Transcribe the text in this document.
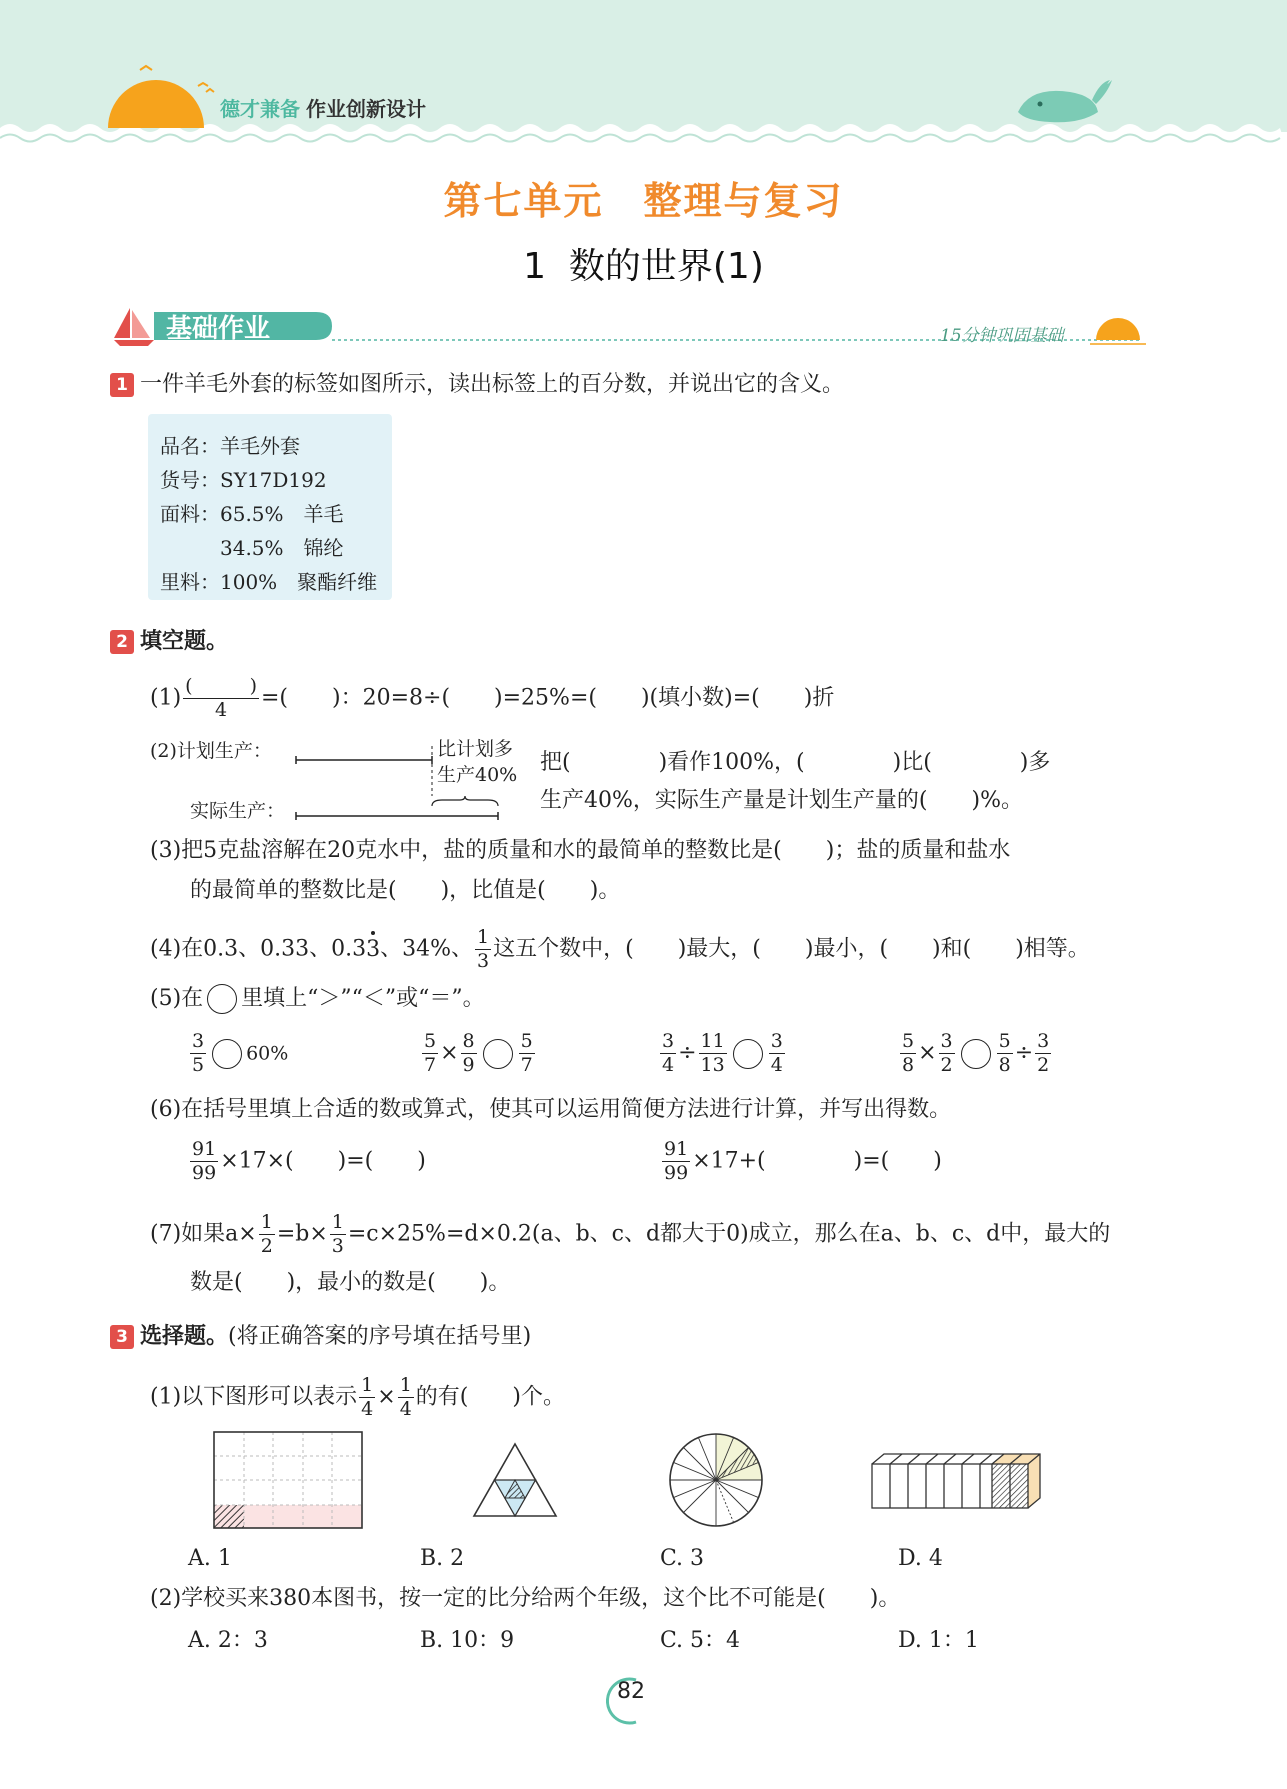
德才兼备 作业创新设计
第七单元 整理与复习
1  数的世界(1)
基础作业	15分钟巩固基础
1 一件羊毛外套的标签如图所示，读出标签上的百分数，并说出它的含义。
品名：羊毛外套
货号：SY17D192
面料：65.5%　羊毛
　　　34.5%　锦纶
里料：100%　聚酯纤维
2 填空题。
$(1) \frac{( )}{4}$ =(　　)：20=8÷(　　)=25%=(　　)(填小数)=(　　)折
(2)计划生产：
实际生产：
比计划多
生产40% 把(　　　　)看作100%，(　　　　)比(　　　　)多
生产40%，实际生产量是计划生产量的(　　)%。
(3)把5克盐溶解在20克水中，盐的质量和水的最简单的整数比是(　　)；盐的质量和盐水
的最简单的整数比是(　　)，比值是(　　)。
(4)在0.3、0.33、0.33、34%、 $\frac{1}{3}$ 这五个数中，(　　)最大，(　　)最小，(　　)和(　　)相等。
(5)在 里填上“＞”“＜”或“＝”。
$\frac{3}{5} 60\%$	$\frac{5}{7} \times \frac{8}{9} \frac{5}{7}$	$\frac{3}{4} \div \frac{11}{13} \frac{3}{4}$	$\frac{5}{8} \times \frac{3}{2} \frac{5}{8} \div \frac{3}{2}$
(6)在括号里填上合适的数或算式，使其可以运用简便方法进行计算，并写出得数。
$\frac{91}{99} \times 17\times$(　　)=(　　)	$\frac{91}{99} \times 17+$(　　　　)=(　　)
(7)如果$a\times \frac{1}{2} =b\times \frac{1}{3} =c\times 25\%=d\times 0.2(a$、b、c、d都大于0)成立，那么在a、b、c、d中，最大的
数是(　　)，最小的数是(　　)。
3 选择题。(将正确答案的序号填在括号里)
(1)以下图形可以表示 $\frac{1}{4} \times \frac{1}{4}$ 的有(　　)个。
A. 1	B. 2	C. 3	D. 4
(2)学校买来380本图书，按一定的比分给两个年级，这个比不可能是(　　)。
A. 2：3	B. 10：9	C. 5：4	D. 1：1
82
